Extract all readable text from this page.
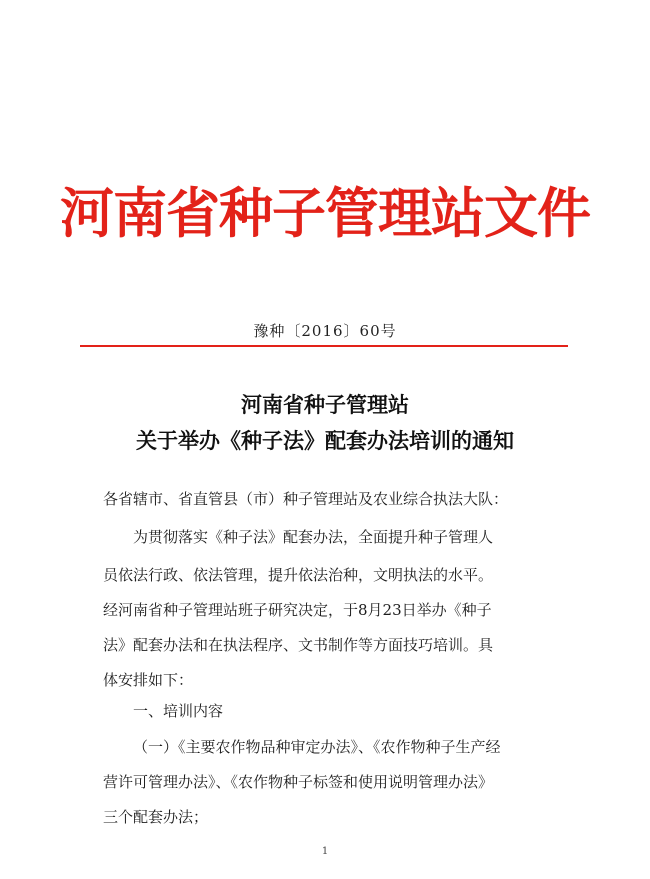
河南省种子管理站文件
豫种〔2016〕60号
河南省种子管理站
关于举办《种子法》配套办法培训的通知
各省辖市、省直管县（市）种子管理站及农业综合执法大队：
为贯彻落实《种子法》配套办法，全面提升种子管理人
员依法行政、依法管理，提升依法治种，文明执法的水平。
经河南省种子管理站班子研究决定，于8月23日举办《种子
法》配套办法和在执法程序、文书制作等方面技巧培训。具
体安排如下：
一、培训内容
（一）《主要农作物品种审定办法》、《农作物种子生产经
营许可管理办法》、《农作物种子标签和使用说明管理办法》
三个配套办法；
1
